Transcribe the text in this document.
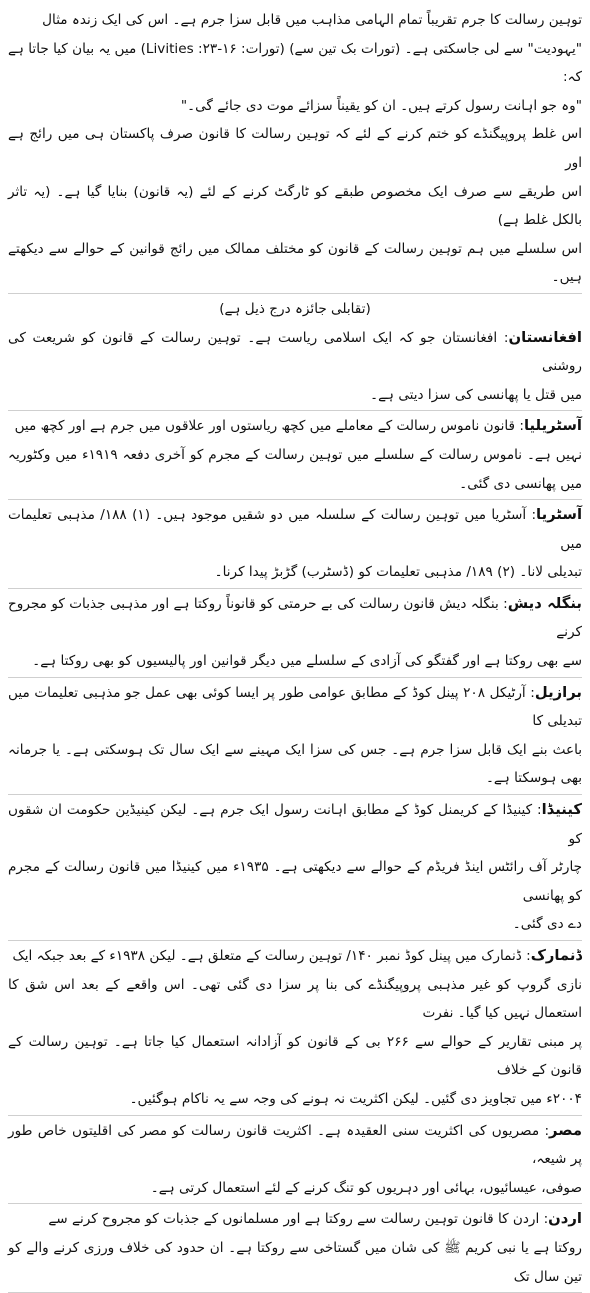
توہین رسالت کا جرم تقریباً تمام الہامی مذاہب میں قابل سزا جرم ہے۔ اس کی ایک زندہ مثال
"یہودیت" سے لی جاسکتی ہے۔ (تورات بک تین سے) (تورات: ۱۶-۲۳: Livities) میں یہ بیان کیا جاتا ہے کہ:
"وہ جو اہانت رسول کرتے ہیں۔ ان کو یقیناً سزائے موت دی جائے گی۔"
اس غلط پروپیگنڈے کو ختم کرنے کے لئے کہ توہین رسالت کا قانون صرف پاکستان ہی میں رائج ہے اور
اس طریقے سے صرف ایک مخصوص طبقے کو ٹارگٹ کرنے کے لئے (یہ قانون) بنایا گیا ہے۔ (یہ تاثر بالکل غلط ہے)
اس سلسلے میں ہم توہین رسالت کے قانون کو مختلف ممالک میں رائج قوانین کے حوالے سے دیکھتے ہیں۔
(تقابلی جائزہ درج ذیل ہے)
افغانستان: افغانستان جو کہ ایک اسلامی ریاست ہے۔ توہین رسالت کے قانون کو شریعت کی روشنی
میں قتل یا پھانسی کی سزا دیتی ہے۔
آسٹریلیا: قانون ناموس رسالت کے معاملے میں کچھ ریاستوں اور علاقوں میں جرم ہے اور کچھ میں
نہیں ہے۔ ناموس رسالت کے سلسلے میں توہین رسالت کے مجرم کو آخری دفعہ ۱۹۱۹ء میں وکٹوریہ میں پھانسی دی گئی۔
آسٹریا: آسٹریا میں توہین رسالت کے سلسلہ میں دو شقیں موجود ہیں۔ (۱) ۱۸۸/ مذہبی تعلیمات میں
تبدیلی لانا۔ (۲) ۱۸۹/ مذہبی تعلیمات کو (ڈسٹرب) گڑبڑ پیدا کرنا۔
بنگلہ دیش: بنگلہ دیش قانون رسالت کی بے حرمتی کو قانوناً روکتا ہے اور مذہبی جذبات کو مجروح کرنے
سے بھی روکتا ہے اور گفتگو کی آزادی کے سلسلے میں دیگر قوانین اور پالیسیوں کو بھی روکتا ہے۔
برازیل: آرٹیکل ۲۰۸ پینل کوڈ کے مطابق عوامی طور پر ایسا کوئی بھی عمل جو مذہبی تعلیمات میں تبدیلی کا
باعث بنے ایک قابل سزا جرم ہے۔ جس کی سزا ایک مہینے سے ایک سال تک ہوسکتی ہے۔ یا جرمانہ بھی ہوسکتا ہے۔
کینیڈا: کینیڈا کے کریمنل کوڈ کے مطابق اہانت رسول ایک جرم ہے۔ لیکن کینیڈین حکومت ان شقوں کو
چارٹر آف رائٹس اینڈ فریڈم کے حوالے سے دیکھتی ہے۔ ۱۹۳۵ء میں کینیڈا میں قانون رسالت کے مجرم کو پھانسی
دے دی گئی۔
ڈنمارک: ڈنمارک میں پینل کوڈ نمبر ۱۴۰/ توہین رسالت کے متعلق ہے۔ لیکن ۱۹۳۸ء کے بعد جبکہ ایک
نازی گروپ کو غیر مذہبی پروپیگنڈے کی بنا پر سزا دی گئی تھی۔ اس واقعے کے بعد اس شق کا استعمال نہیں کیا گیا۔ نفرت
پر مبنی تقاریر کے حوالے سے ۲۶۶ بی کے قانون کو آزادانہ استعمال کیا جاتا ہے۔ توہین رسالت کے قانون کے خلاف
۲۰۰۴ء میں تجاویز دی گئیں۔ لیکن اکثریت نہ ہونے کی وجہ سے یہ ناکام ہوگئیں۔
مصر: مصریوں کی اکثریت سنی العقیدہ ہے۔ اکثریت قانون رسالت کو مصر کی اقلیتوں خاص طور پر شیعہ،
صوفی، عیسائیوں، بہائی اور دہریوں کو تنگ کرنے کے لئے استعمال کرتی ہے۔
اردن: اردن کا قانون توہین رسالت سے روکتا ہے اور مسلمانوں کے جذبات کو مجروح کرنے سے
روکتا ہے یا نبی کریم ﷺ کی شان میں گستاخی سے روکتا ہے۔ ان حدود کی خلاف ورزی کرنے والے کو تین سال تک
